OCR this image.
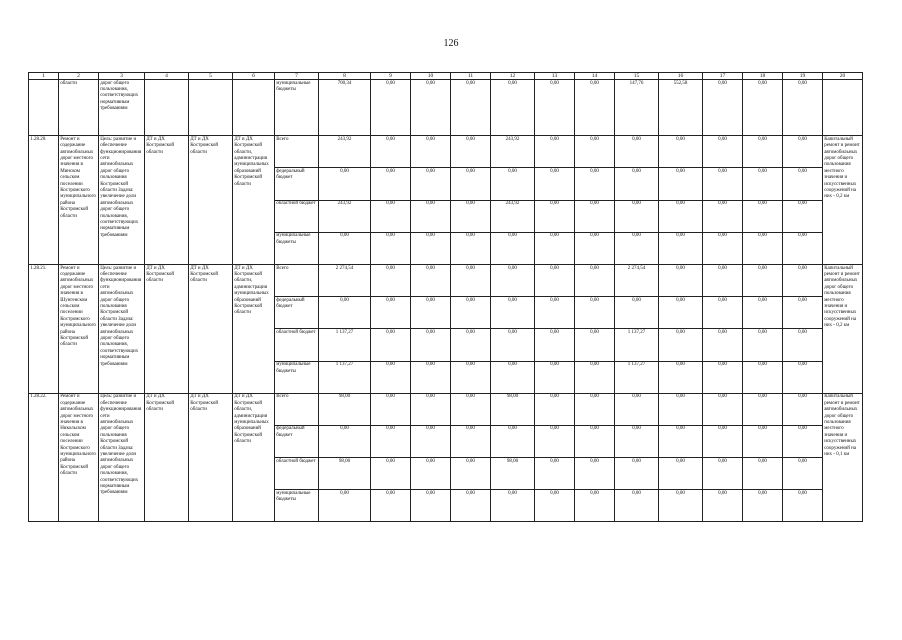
126
1	2	3	4	5	6	7	8	9	10	11	12	13	14	15	16	17	18	19	20
	области	дорог общего пользования, соответствующих нормативным требованиям				муниципальные бюджеты	700,34	0,00	0,00	0,00	0,00	0,00	0,00	147,76	552,58	0,00	0,00	0,00	
1.28.20.	Ремонт и содержание автомобильных дорог местного значения в Минском сельском поселении Костромского муниципального района Костромской области	Цель: развитие и обеспечение функционирования сети автомобильных дорог общего пользования Костромской области Задача: увеличение доли автомобильных дорог общего пользования, соответствующих нормативным требованиям	ДТ и ДХ Костромской области	ДТ и ДХ Костромской области	ДТ и ДХ Костромской области, администрации муниципальных образований Костромской области	Всего	243,92	0,00	0,00	0,00	243,92	0,00	0,00	0,00	0,00	0,00	0,00	0,00	Капитальный ремонт и ремонт автомобильных дорог общего пользования местного значения и искусственных сооружений на них - 0,2 км
						федеральный бюджет	0,00	0,00	0,00	0,00	0,00	0,00	0,00	0,00	0,00	0,00	0,00	0,00	
						областной бюджет	243,92	0,00	0,00	0,00	243,92	0,00	0,00	0,00	0,00	0,00	0,00	0,00	
						муниципальные бюджеты	0,00	0,00	0,00	0,00	0,00	0,00	0,00	0,00	0,00	0,00	0,00	0,00	
1.28.21.	Ремонт и содержание автомобильных дорог местного значения в Шунгенском сельском поселении Костромского муниципального района Костромской области	Цель: развитие и обеспечение функционирования сети автомобильных дорог общего пользования Костромской области Задача: увеличение доли автомобильных дорог общего пользования, соответствующих нормативным требованиям	ДТ и ДХ Костромской области	ДТ и ДХ Костромской области	ДТ и ДХ Костромской области, администрации муниципальных образований Костромской области	Всего	2 274,54	0,00	0,00	0,00	0,00	0,00	0,00	2 274,54	0,00	0,00	0,00	0,00	Капитальный ремонт и ремонт автомобильных дорог общего пользования местного значения и искусственных сооружений на них - 0,2 км
						федеральный бюджет	0,00	0,00	0,00	0,00	0,00	0,00	0,00	0,00	0,00	0,00	0,00	0,00	
						областной бюджет	1 137,27	0,00	0,00	0,00	0,00	0,00	0,00	1 137,27	0,00	0,00	0,00	0,00	
						муниципальные бюджеты	1 137,27	0,00	0,00	0,00	0,00	0,00	0,00	1 137,27	0,00	0,00	0,00	0,00	
1.28.22.	Ремонт и содержание автомобильных дорог местного значения в Никольском сельском поселении Костромского муниципального района Костромской области	Цель: развитие и обеспечение функционирования сети автомобильных дорог общего пользования Костромской области Задача: увеличение доли автомобильных дорог общего пользования, соответствующих нормативным требованиям	ДТ и ДХ Костромской области	ДТ и ДХ Костромской области	ДТ и ДХ Костромской области, администрации муниципальных образований Костромской области	Всего	98,00	0,00	0,00	0,00	98,00	0,00	0,00	0,00	0,00	0,00	0,00	0,00	Капитальный ремонт и ремонт автомобильных дорог общего пользования местного значения и искусственных сооружений на них - 0,1 км
						федеральный бюджет	0,00	0,00	0,00	0,00	0,00	0,00	0,00	0,00	0,00	0,00	0,00	0,00	
						областной бюджет	98,00	0,00	0,00	0,00	98,00	0,00	0,00	0,00	0,00	0,00	0,00	0,00	
						муниципальные бюджеты	0,00	0,00	0,00	0,00	0,00	0,00	0,00	0,00	0,00	0,00	0,00	0,00	
